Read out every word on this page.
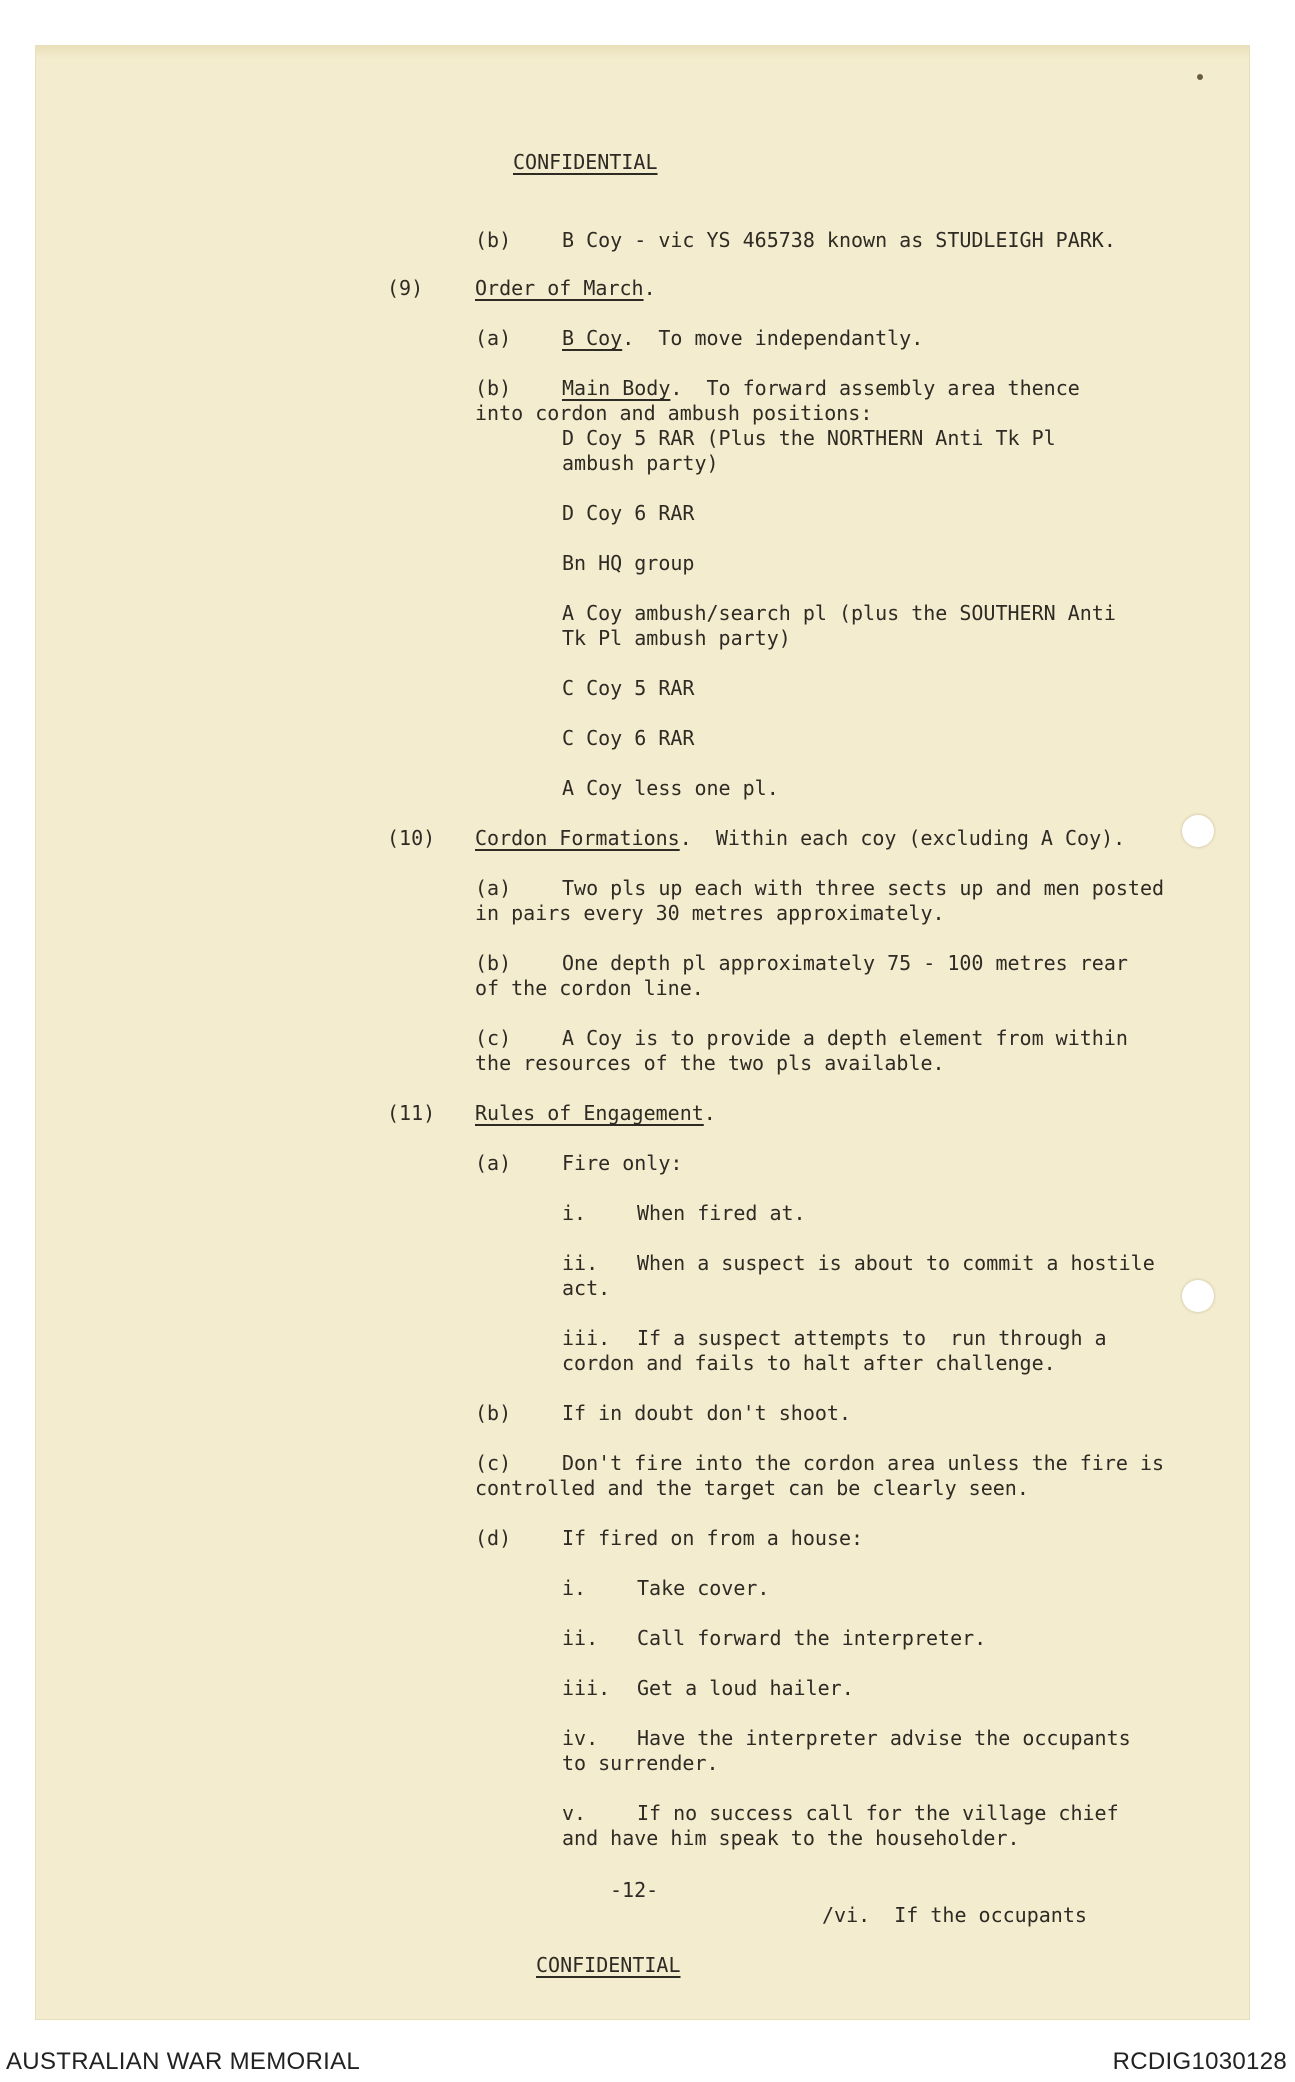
CONFIDENTIAL

(b)	B Coy - vic YS 465738 known as STUDLEIGH PARK.

(9)	Order of March.

(a)	B Coy.  To move independantly.

(b)	Main Body.  To forward assembly area thence

into cordon and ambush positions:

D Coy 5 RAR (Plus the NORTHERN Anti Tk Pl

ambush party)

D Coy 6 RAR

Bn HQ group

A Coy ambush/search pl (plus the SOUTHERN Anti

Tk Pl ambush party)

C Coy 5 RAR

C Coy 6 RAR

A Coy less one pl.

(10) Cordon Formations.  Within each coy (excluding A Coy).

(a)	Two pls up each with three sects up and men posted

in pairs every 30 metres approximately.

(b)	One depth pl approximately 75 - 100 metres rear

of the cordon line.

(c)	A Coy is to provide a depth element from within

the resources of the two pls available.

(11) Rules of Engagement.

(a)	Fire only:

i.	When fired at.

ii. When a suspect is about to commit a hostile

act.

iii. If a suspect attempts to  run through a

cordon and fails to halt after challenge.

(b)	If in doubt don't shoot.

(c)	Don't fire into the cordon area unless the fire is

controlled and the target can be clearly seen.

(d)	If fired on from a house:

i.	Take cover.

ii. Call forward the interpreter.

iii. Get a loud hailer.

iv. Have the interpreter advise the occupants

to surrender.

v.	If no success call for the village chief

and have him speak to the householder.

-12-

/vi.  If the occupants

CONFIDENTIAL

AUSTRALIAN WAR MEMORIAL	RCDIG1030128
